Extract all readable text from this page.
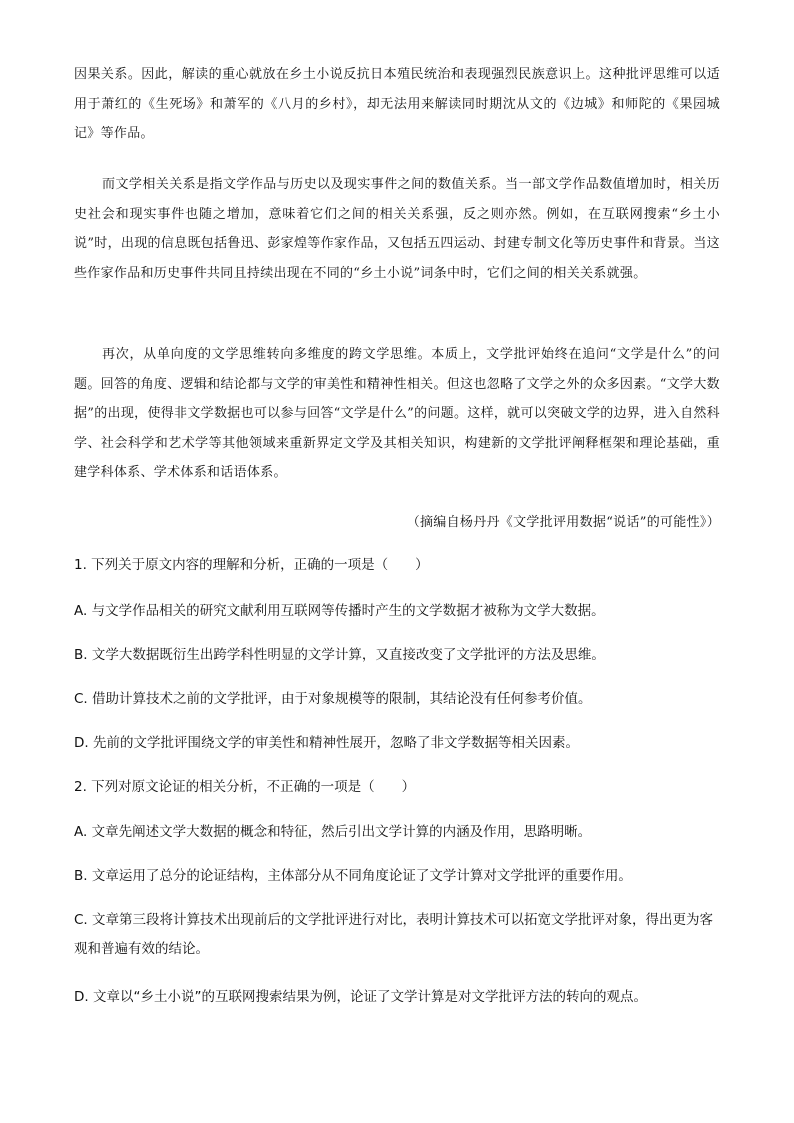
因果关系。因此，解读的重心就放在乡土小说反抗日本殖民统治和表现强烈民族意识上。这种批评思维可以适用于萧红的《生死场》和萧军的《八月的乡村》，却无法用来解读同时期沈从文的《边城》和师陀的《果园城记》等作品。
而文学相关关系是指文学作品与历史以及现实事件之间的数值关系。当一部文学作品数值增加时，相关历史社会和现实事件也随之增加，意味着它们之间的相关关系强，反之则亦然。例如，在互联网搜索“乡土小说”时，出现的信息既包括鲁迅、彭家煌等作家作品，又包括五四运动、封建专制文化等历史事件和背景。当这些作家作品和历史事件共同且持续出现在不同的“乡土小说”词条中时，它们之间的相关关系就强。
再次，从单向度的文学思维转向多维度的跨文学思维。本质上，文学批评始终在追问“文学是什么”的问题。回答的角度、逻辑和结论都与文学的审美性和精神性相关。但这也忽略了文学之外的众多因素。“文学大数据”的出现，使得非文学数据也可以参与回答“文学是什么”的问题。这样，就可以突破文学的边界，进入自然科学、社会科学和艺术学等其他领域来重新界定文学及其相关知识，构建新的文学批评阐释框架和理论基础，重建学科体系、学术体系和话语体系。
（摘编自杨丹丹《文学批评用数据“说话”的可能性》）
1. 下列关于原文内容的理解和分析，正确的一项是（　　）
A. 与文学作品相关的研究文献利用互联网等传播时产生的文学数据才被称为文学大数据。
B. 文学大数据既衍生出跨学科性明显的文学计算，又直接改变了文学批评的方法及思维。
C. 借助计算技术之前的文学批评，由于对象规模等的限制，其结论没有任何参考价值。
D. 先前的文学批评围绕文学的审美性和精神性展开，忽略了非文学数据等相关因素。
2. 下列对原文论证的相关分析，不正确的一项是（　　）
A. 文章先阐述文学大数据的概念和特征，然后引出文学计算的内涵及作用，思路明晰。
B. 文章运用了总分的论证结构，主体部分从不同角度论证了文学计算对文学批评的重要作用。
C. 文章第三段将计算技术出现前后的文学批评进行对比，表明计算技术可以拓宽文学批评对象，得出更为客观和普遍有效的结论。
D. 文章以“乡土小说”的互联网搜索结果为例，论证了文学计算是对文学批评方法的转向的观点。
